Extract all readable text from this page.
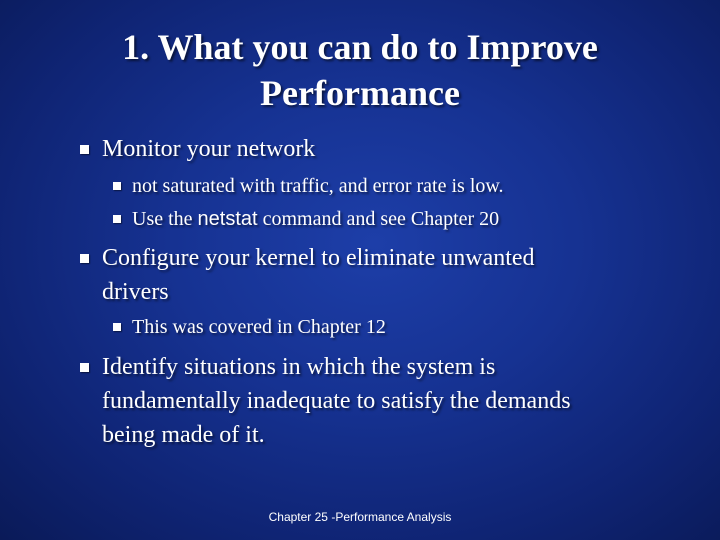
1. What you can do to Improve
Performance
Monitor your network
not saturated with traffic, and error rate is low.
Use the netstat command and see Chapter 20
Configure your kernel to eliminate unwanted
drivers
This was covered in Chapter 12
Identify situations in which the system is
fundamentally inadequate to satisfy the demands
being made of it.
Chapter 25 -Performance Analysis
